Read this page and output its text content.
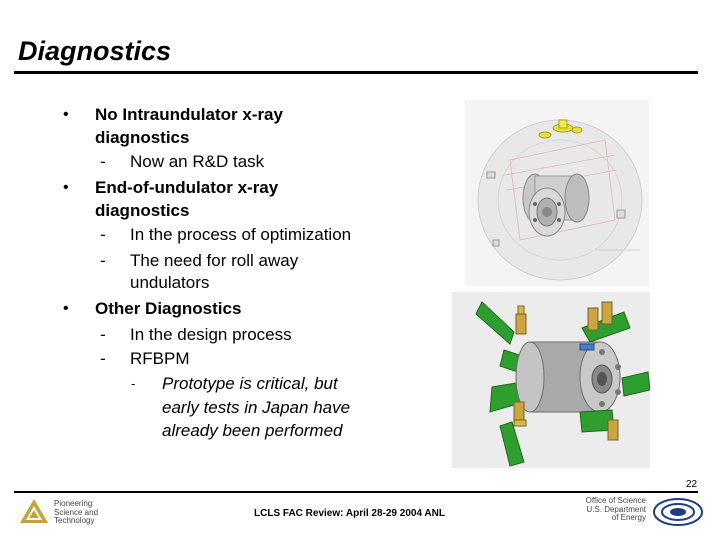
Diagnostics
• No Intraundulator x-ray
diagnostics
- Now an R&D task
• End-of-undulator x-ray
diagnostics
- In the process of optimization
- The need for roll away
undulators
• Other Diagnostics
- In the design process
- RFBPM
- Prototype is critical, but
early tests in Japan have
already been performed
22
Pioneering
Science and
Technology
LCLS FAC Review: April 28-29 2004 ANL
Office of Science
U.S. Department
of Energy
